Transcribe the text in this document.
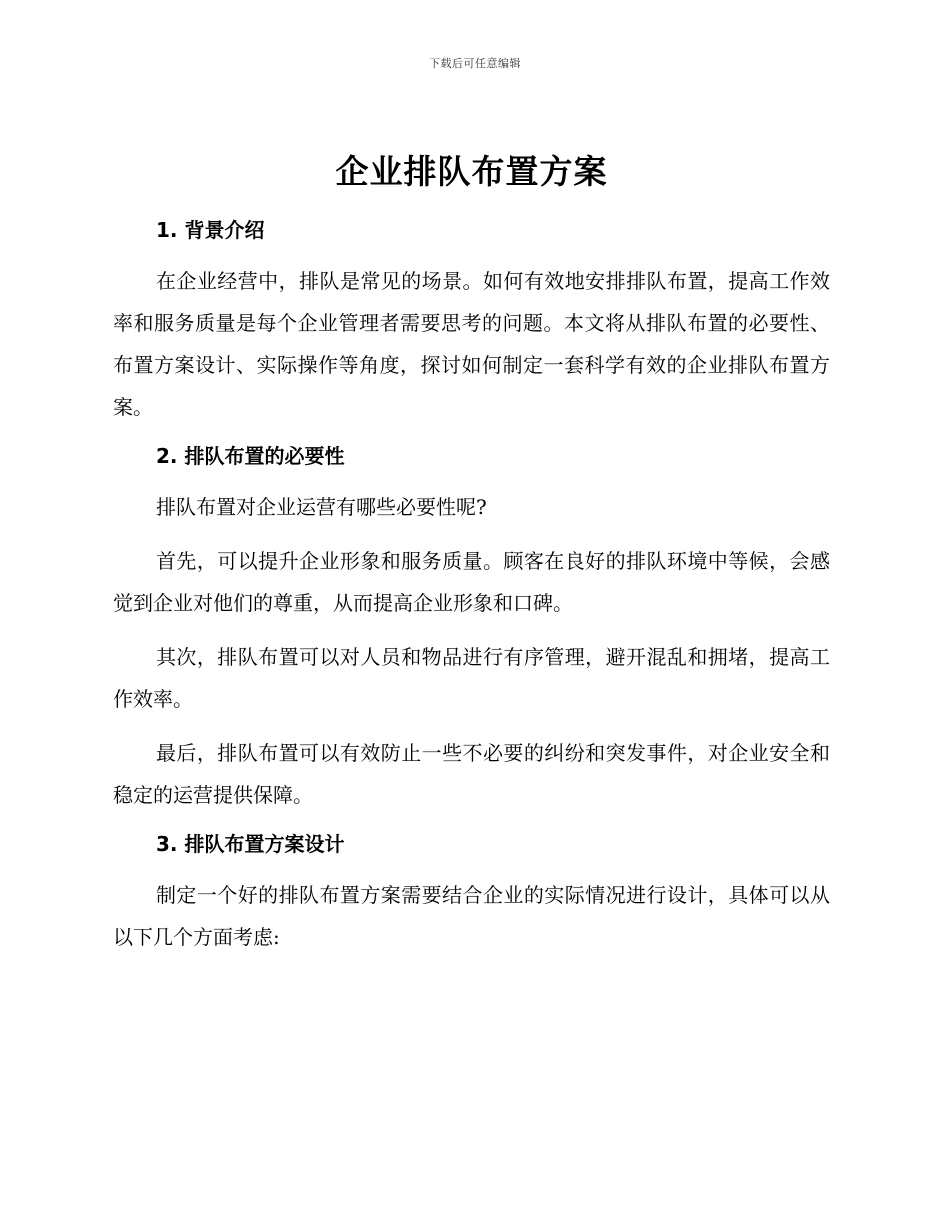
下载后可任意编辑
企业排队布置方案
1. 背景介绍

在企业经营中，排队是常见的场景。如何有效地安排排队布置，提高工作效率和服务质量是每个企业管理者需要思考的问题。本文将从排队布置的必要性、布置方案设计、实际操作等角度，探讨如何制定一套科学有效的企业排队布置方案。

2. 排队布置的必要性

排队布置对企业运营有哪些必要性呢?

首先，可以提升企业形象和服务质量。顾客在良好的排队环境中等候，会感觉到企业对他们的尊重，从而提高企业形象和口碑。

其次，排队布置可以对人员和物品进行有序管理，避开混乱和拥堵，提高工作效率。

最后，排队布置可以有效防止一些不必要的纠纷和突发事件，对企业安全和稳定的运营提供保障。

3. 排队布置方案设计

制定一个好的排队布置方案需要结合企业的实际情况进行设计，具体可以从以下几个方面考虑:
